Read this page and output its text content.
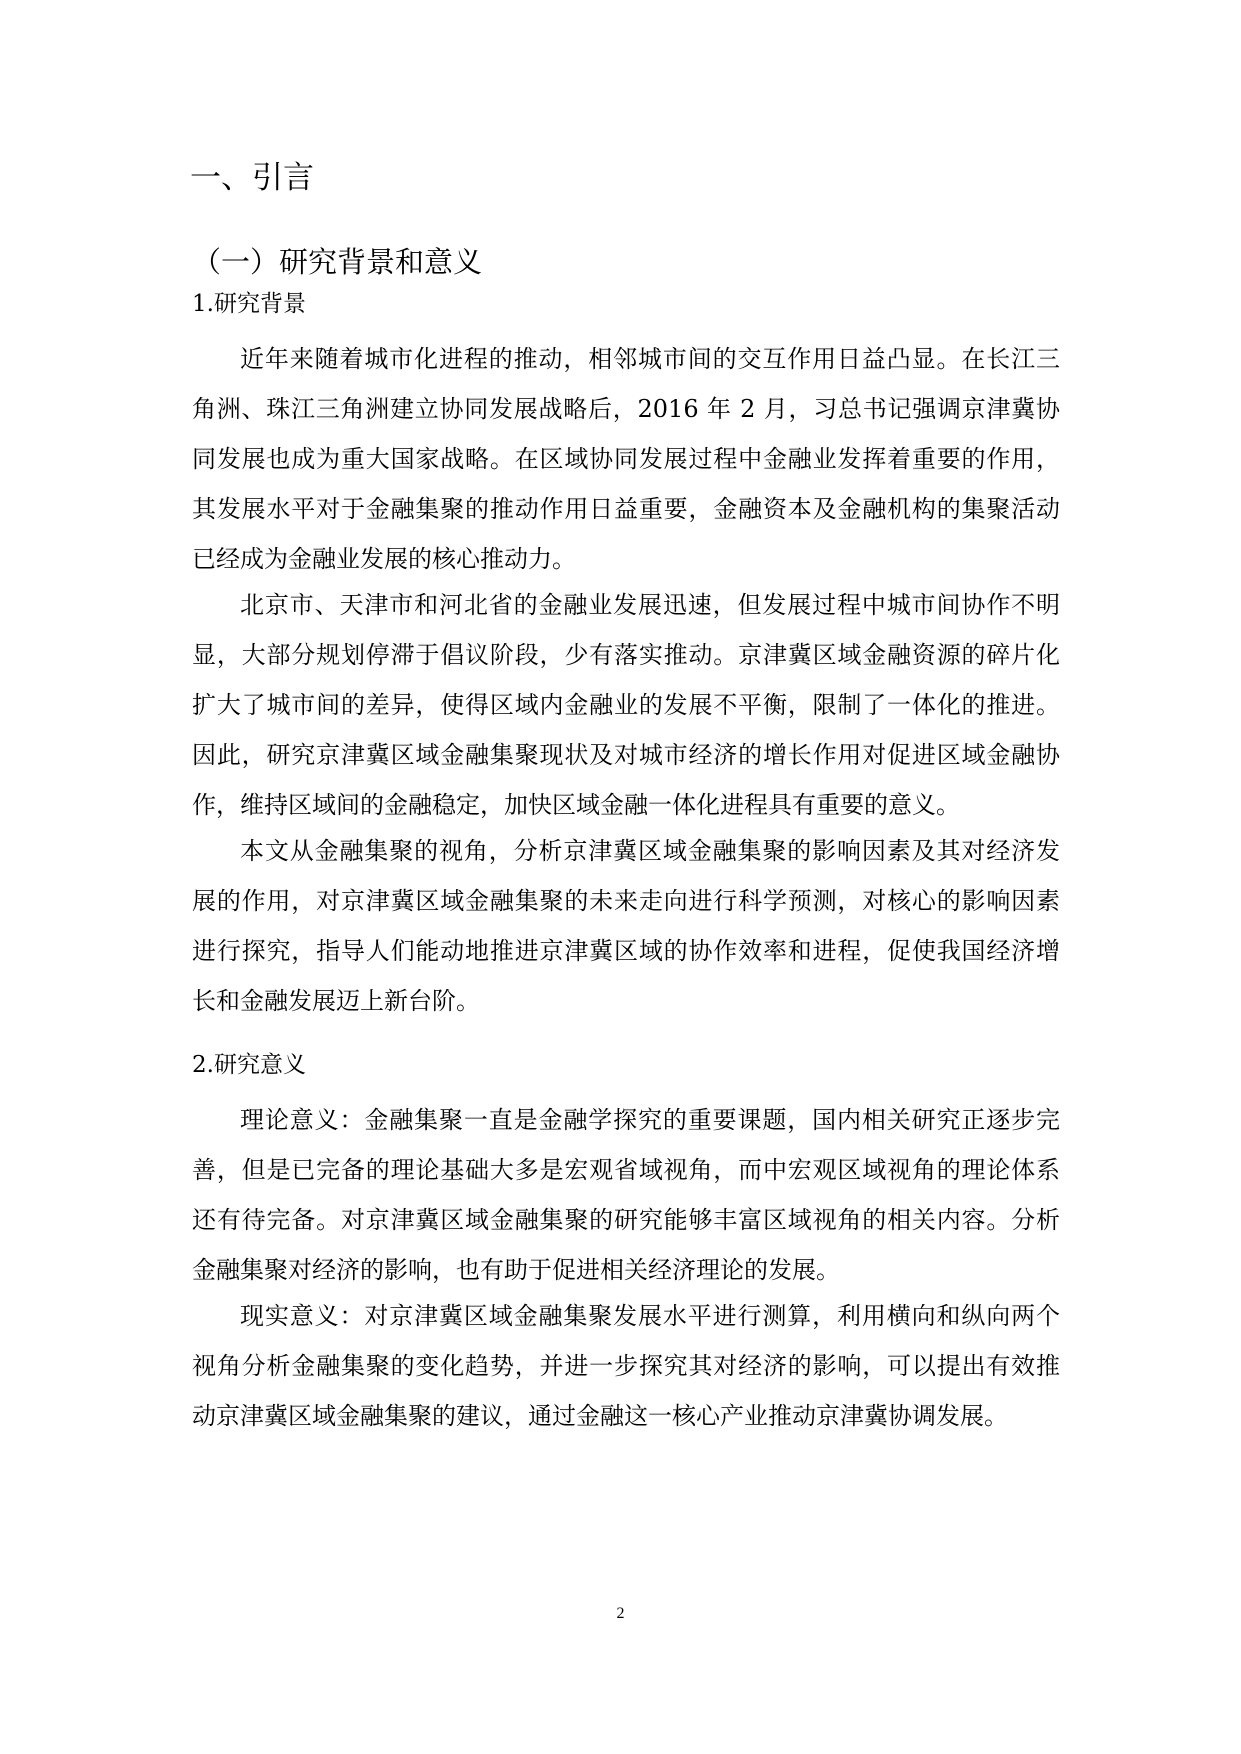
一、引言
（一）研究背景和意义
1.研究背景
近年来随着城市化进程的推动，相邻城市间的交互作用日益凸显。在长江三
角洲、珠江三角洲建立协同发展战略后，2016 年 2 月，习总书记强调京津冀协
同发展也成为重大国家战略。在区域协同发展过程中金融业发挥着重要的作用，
其发展水平对于金融集聚的推动作用日益重要，金融资本及金融机构的集聚活动
已经成为金融业发展的核心推动力。
北京市、天津市和河北省的金融业发展迅速，但发展过程中城市间协作不明
显，大部分规划停滞于倡议阶段，少有落实推动。京津冀区域金融资源的碎片化
扩大了城市间的差异，使得区域内金融业的发展不平衡，限制了一体化的推进。
因此，研究京津冀区域金融集聚现状及对城市经济的增长作用对促进区域金融协
作，维持区域间的金融稳定，加快区域金融一体化进程具有重要的意义。
本文从金融集聚的视角，分析京津冀区域金融集聚的影响因素及其对经济发
展的作用，对京津冀区域金融集聚的未来走向进行科学预测，对核心的影响因素
进行探究，指导人们能动地推进京津冀区域的协作效率和进程，促使我国经济增
长和金融发展迈上新台阶。
2.研究意义
理论意义：金融集聚一直是金融学探究的重要课题，国内相关研究正逐步完
善，但是已完备的理论基础大多是宏观省域视角，而中宏观区域视角的理论体系
还有待完备。对京津冀区域金融集聚的研究能够丰富区域视角的相关内容。分析
金融集聚对经济的影响，也有助于促进相关经济理论的发展。
现实意义：对京津冀区域金融集聚发展水平进行测算，利用横向和纵向两个
视角分析金融集聚的变化趋势，并进一步探究其对经济的影响，可以提出有效推
动京津冀区域金融集聚的建议，通过金融这一核心产业推动京津冀协调发展。
2
